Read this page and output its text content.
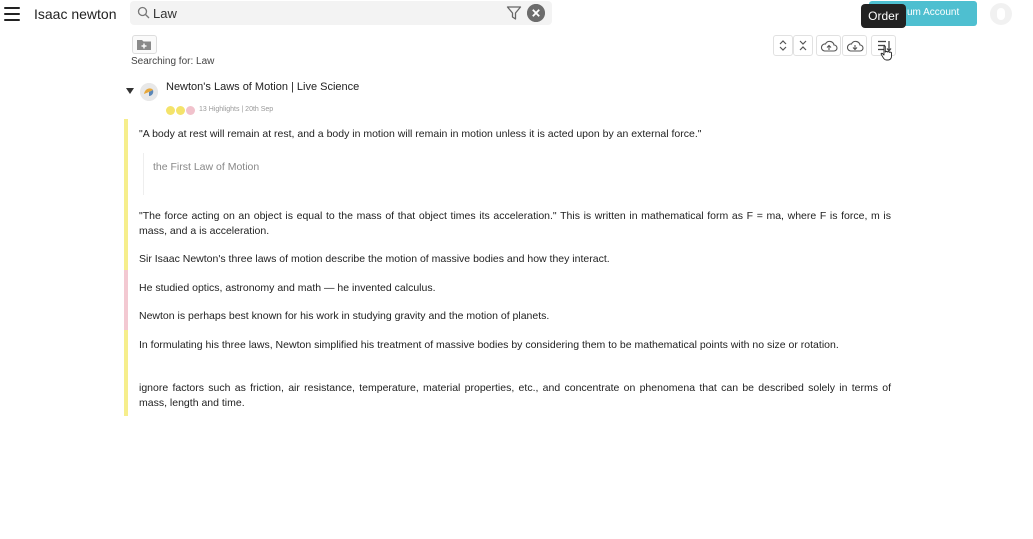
Isaac newton
Law	um Account
Order
Searching for: Law
Newton's Laws of Motion | Live Science
13 Highlights | 20th Sep
"A body at rest will remain at rest, and a body in motion will remain in motion unless it is acted upon by an external force."
the First Law of Motion
"The force acting on an object is equal to the mass of that object times its acceleration." This is written in mathematical form as F = ma, where F is force, m is mass, and a is acceleration.
Sir Isaac Newton's three laws of motion describe the motion of massive bodies and how they interact.
He studied optics, astronomy and math — he invented calculus.
Newton is perhaps best known for his work in studying gravity and the motion of planets.
In formulating his three laws, Newton simplified his treatment of massive bodies by considering them to be mathematical points with no size or rotation.
ignore factors such as friction, air resistance, temperature, material properties, etc., and concentrate on phenomena that can be described solely in terms of mass, length and time.
